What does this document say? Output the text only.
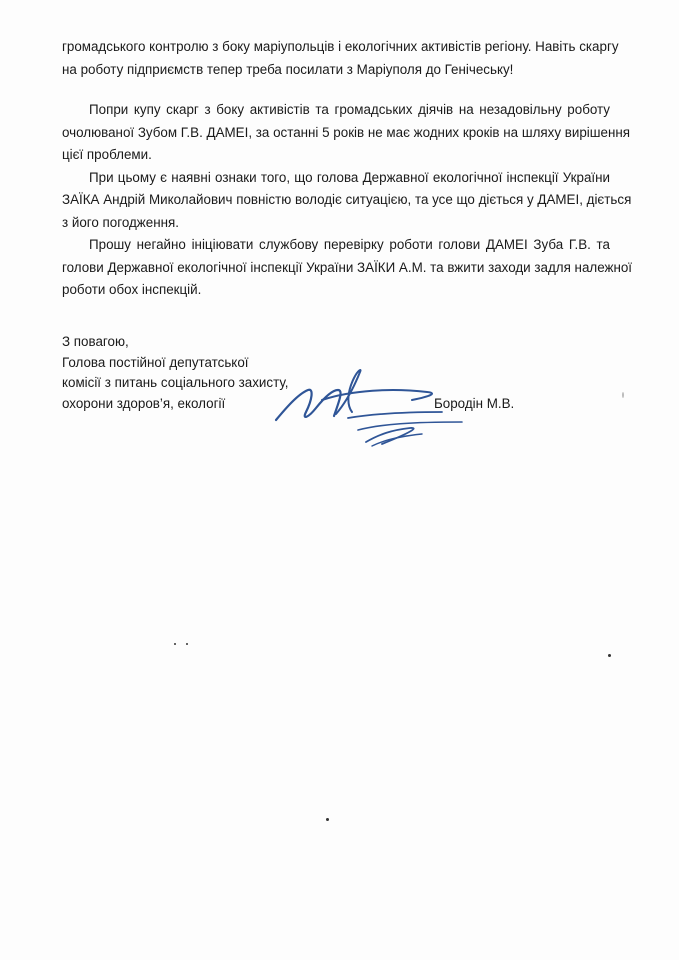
громадського контролю з боку маріупольців і екологічних активістів регіону. Навіть скаргу
на роботу підприємств тепер треба посилати з Маріуполя до Генічеську!
Попри купу скарг з боку активістів та громадських діячів на незадовільну роботу
очолюваної Зубом Г.В. ДАМЕІ, за останні 5 років не має жодних кроків на шляху вирішення
цієї проблеми.
При цьому є наявні ознаки того, що голова Державної екологічної інспекції України
ЗАЇКА Андрій Миколайович повністю володіє ситуацією, та усе що діється у ДАМЕІ, діється
з його погодження.
Прошу негайно ініціювати службову перевірку роботи голови ДАМЕІ Зуба Г.В. та
голови Державної екологічної інспекції України ЗАЇКИ А.М. та вжити заходи задля належної
роботи обох інспекцій.
З повагою,
Голова постійної депутатської
комісії з питань соціального захисту,
охорони здоров’я, екології	Бородін М.В.
